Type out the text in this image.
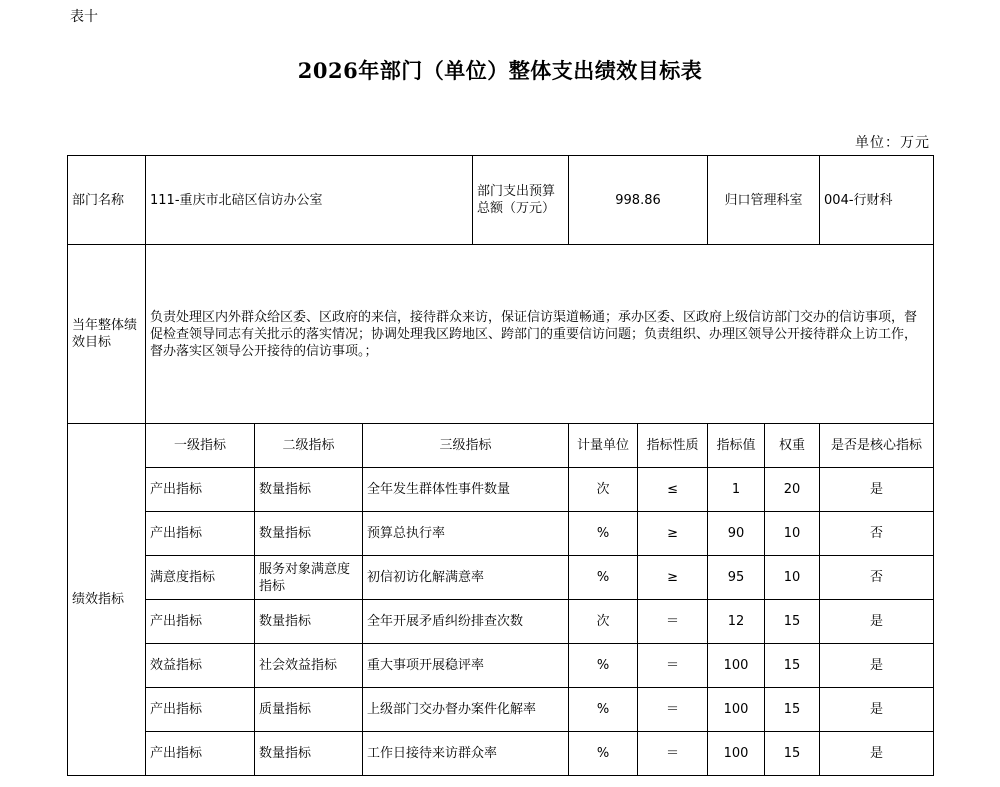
表十
2026年部门（单位）整体支出绩效目标表
单位：万元
部门名称	111-重庆市北碚区信访办公室			部门支出预算总额（万元）	998.86		归口管理科室		004-行财科
当年整体绩效目标	负责处理区内外群众给区委、区政府的来信，接待群众来访，保证信访渠道畅通；承办区委、区政府上级信访部门交办的信访事项，督促检查领导同志有关批示的落实情况；协调处理我区跨地区、跨部门的重要信访问题；负责组织、办理区领导公开接待群众上访工作，督办落实区领导公开接待的信访事项。；								
绩效指标	一级指标	二级指标	三级指标		计量单位	指标性质	指标值	权重	是否是核心指标
	产出指标	数量指标	全年发生群体性事件数量		次	≤	1	20	是
	产出指标	数量指标	预算总执行率		%	≥	90	10	否
	满意度指标	服务对象满意度指标	初信初访化解满意率		%	≥	95	10	否
	产出指标	数量指标	全年开展矛盾纠纷排查次数		次	＝	12	15	是
	效益指标	社会效益指标	重大事项开展稳评率		%	＝	100	15	是
	产出指标	质量指标	上级部门交办督办案件化解率		%	＝	100	15	是
	产出指标	数量指标	工作日接待来访群众率		%	＝	100	15	是
